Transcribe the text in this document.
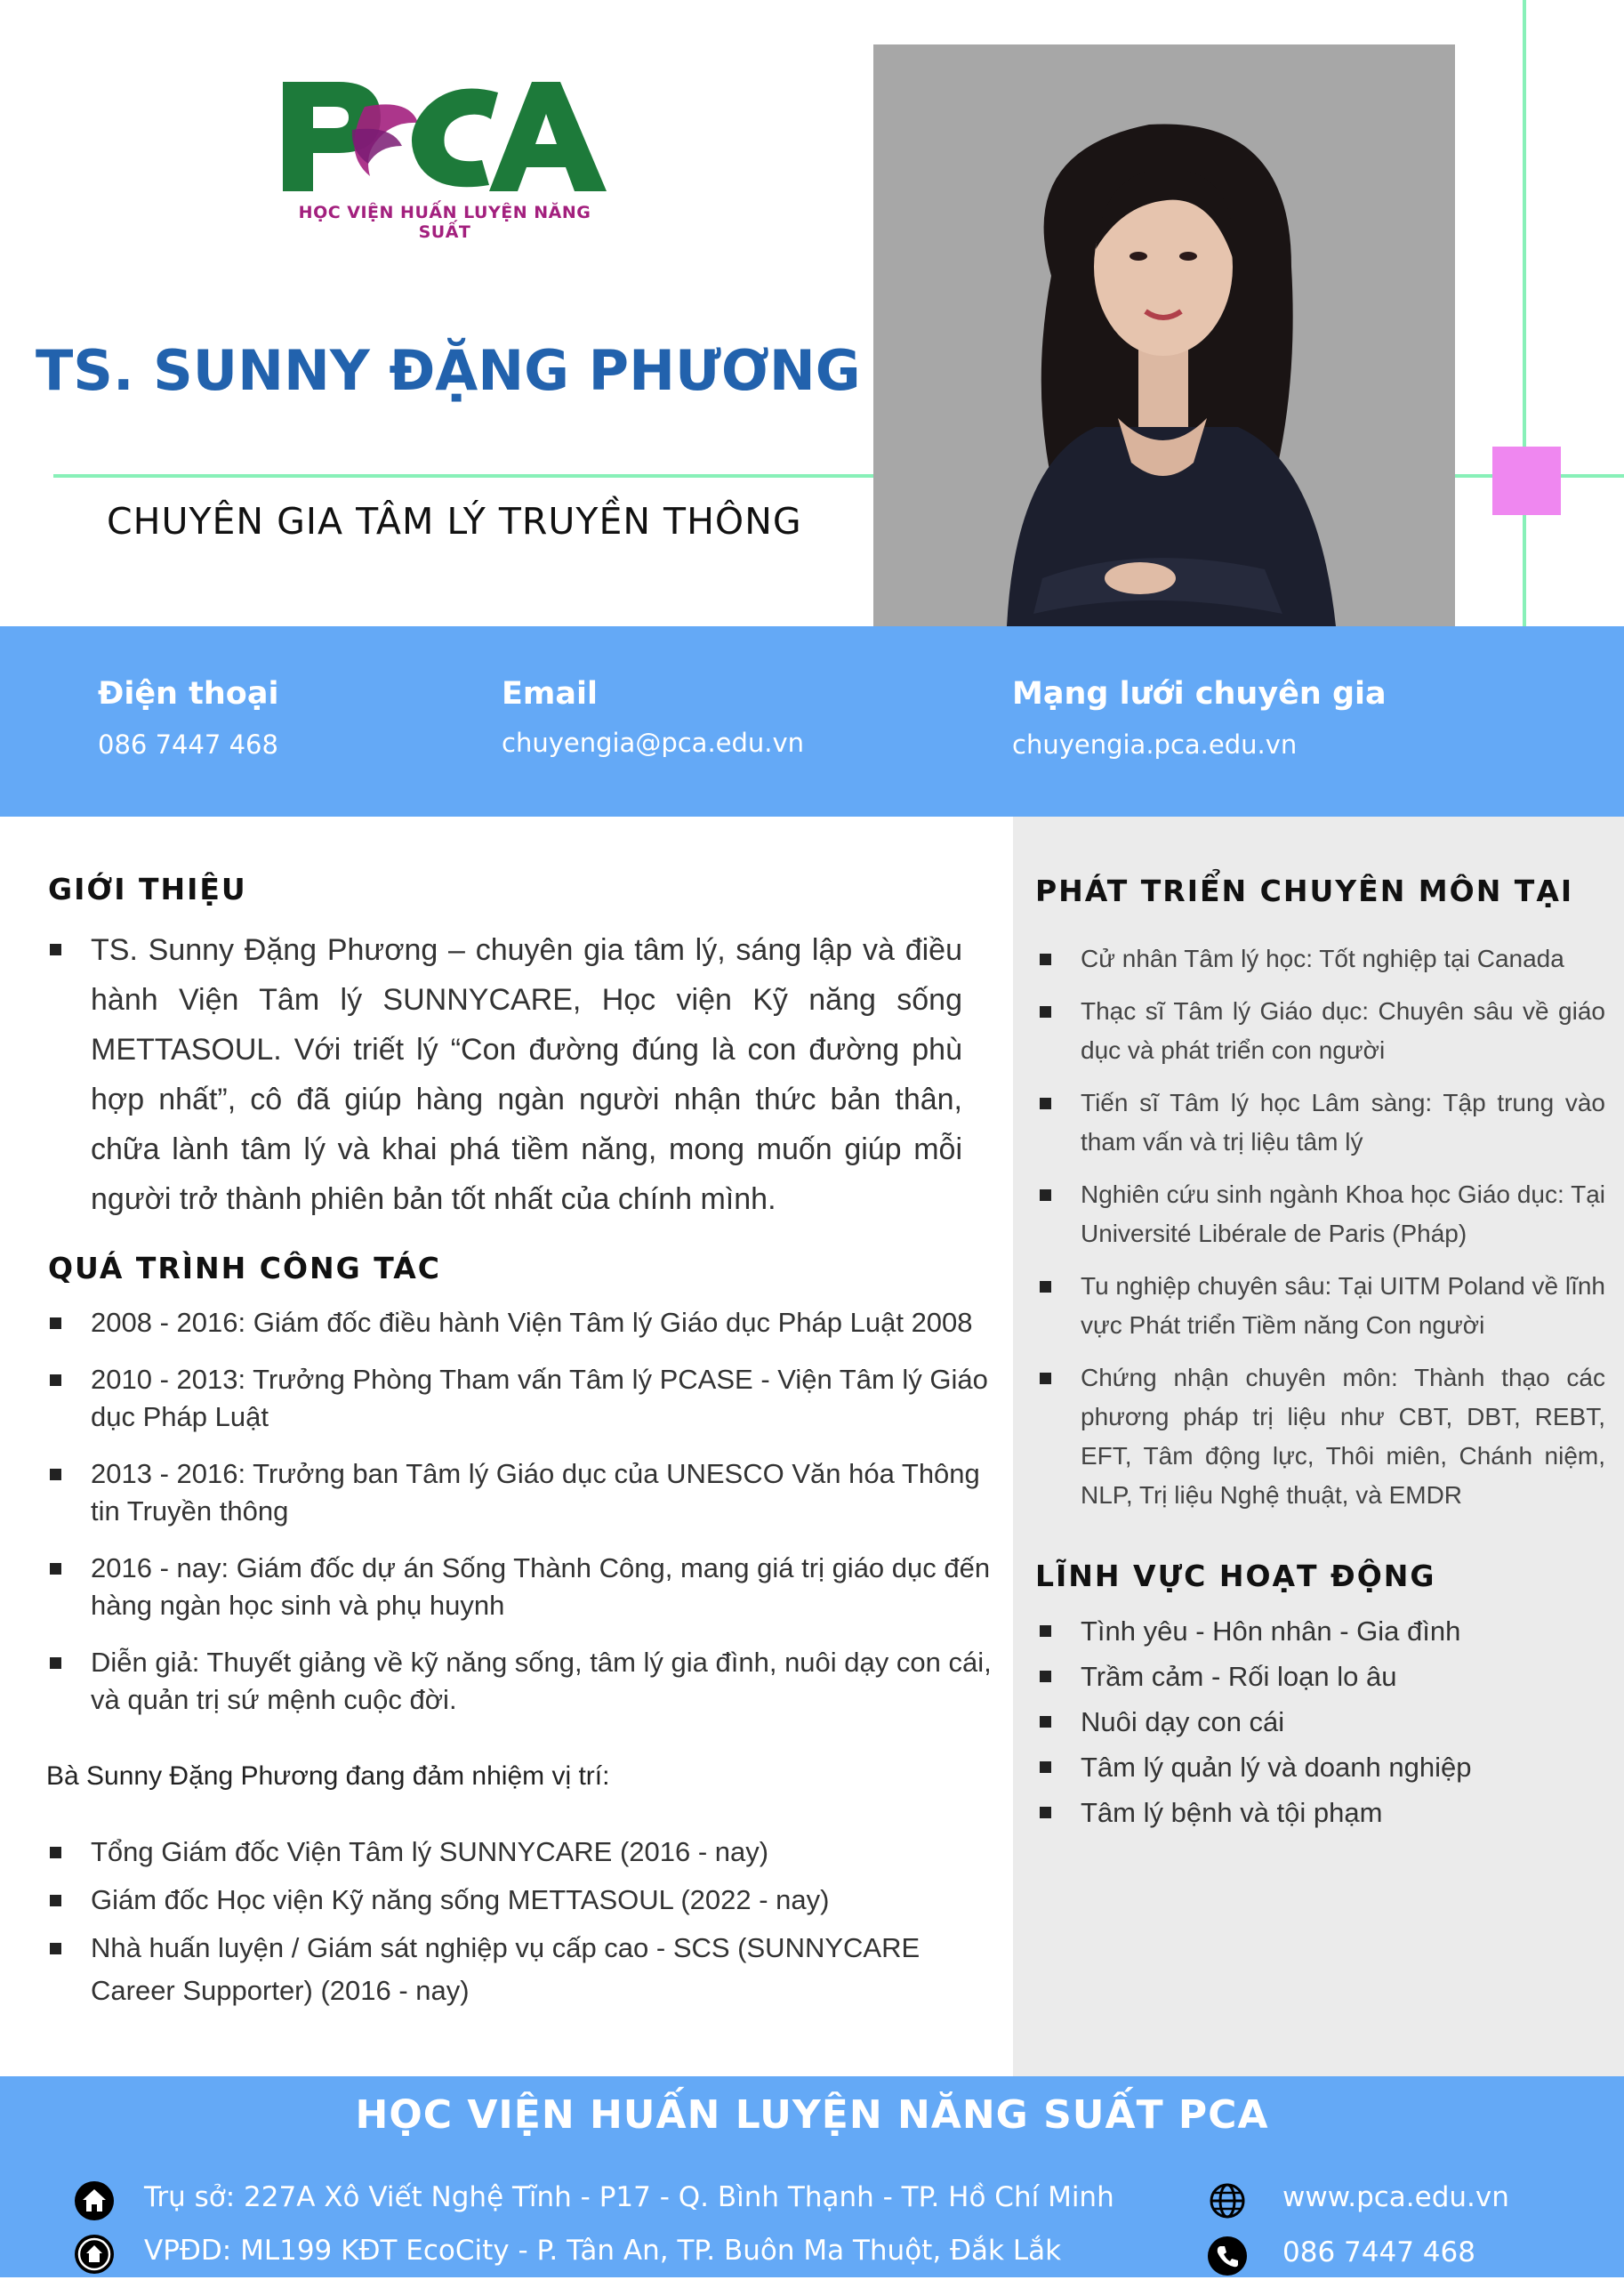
HỌC VIỆN HUẤN LUYỆN NĂNG SUẤT
TS. SUNNY ĐẶNG PHƯƠNG
CHUYÊN GIA TÂM LÝ TRUYỀN THÔNG
Điện thoại
086 7447 468
Email
chuyengia@pca.edu.vn
Mạng lưới chuyên gia
chuyengia.pca.edu.vn
GIỚI THIỆU
TS. Sunny Đặng Phương – chuyên gia tâm lý, sáng lập và điều hành Viện Tâm lý SUNNYCARE, Học viện Kỹ năng sống METTASOUL. Với triết lý “Con đường đúng là con đường phù hợp nhất”, cô đã giúp hàng ngàn người nhận thức bản thân, chữa lành tâm lý và khai phá tiềm năng, mong muốn giúp mỗi người trở thành phiên bản tốt nhất của chính mình.
QUÁ TRÌNH CÔNG TÁC
2008 - 2016: Giám đốc điều hành Viện Tâm lý Giáo dục Pháp Luật 2008
2010 - 2013: Trưởng Phòng Tham vấn Tâm lý PCASE - Viện Tâm lý Giáo dục Pháp Luật
2013 - 2016: Trưởng ban Tâm lý Giáo dục của UNESCO Văn hóa Thông tin Truyền thông
2016 - nay: Giám đốc dự án Sống Thành Công, mang giá trị giáo dục đến hàng ngàn học sinh và phụ huynh
Diễn giả: Thuyết giảng về kỹ năng sống, tâm lý gia đình, nuôi dạy con cái, và quản trị sứ mệnh cuộc đời.
Bà Sunny Đặng Phương đang đảm nhiệm vị trí:
Tổng Giám đốc Viện Tâm lý SUNNYCARE (2016 - nay)
Giám đốc Học viện Kỹ năng sống METTASOUL (2022 - nay)
Nhà huấn luyện / Giám sát nghiệp vụ cấp cao - SCS (SUNNYCARE Career Supporter) (2016 - nay)
PHÁT TRIỂN CHUYÊN MÔN TẠI
Cử nhân Tâm lý học: Tốt nghiệp tại Canada
Thạc sĩ Tâm lý Giáo dục: Chuyên sâu về giáo dục và phát triển con người
Tiến sĩ Tâm lý học Lâm sàng: Tập trung vào tham vấn và trị liệu tâm lý
Nghiên cứu sinh ngành Khoa học Giáo dục: Tại Université Libérale de Paris (Pháp)
Tu nghiệp chuyên sâu: Tại UITM Poland về lĩnh vực Phát triển Tiềm năng Con người
Chứng nhận chuyên môn: Thành thạo các phương pháp trị liệu như CBT, DBT, REBT, EFT, Tâm động lực, Thôi miên, Chánh niệm, NLP, Trị liệu Nghệ thuật, và EMDR
LĨNH VỰC HOẠT ĐỘNG
Tình yêu - Hôn nhân - Gia đình
Trầm cảm - Rối loạn lo âu
Nuôi dạy con cái
Tâm lý quản lý và doanh nghiệp
Tâm lý bệnh và tội phạm
HỌC VIỆN HUẤN LUYỆN NĂNG SUẤT PCA
Trụ sở: 227A Xô Viết Nghệ Tĩnh - P17 - Q. Bình Thạnh - TP. Hồ Chí Minh
VPĐD: ML199 KĐT EcoCity - P. Tân An, TP. Buôn Ma Thuột, Đắk Lắk
www.pca.edu.vn
086 7447 468
